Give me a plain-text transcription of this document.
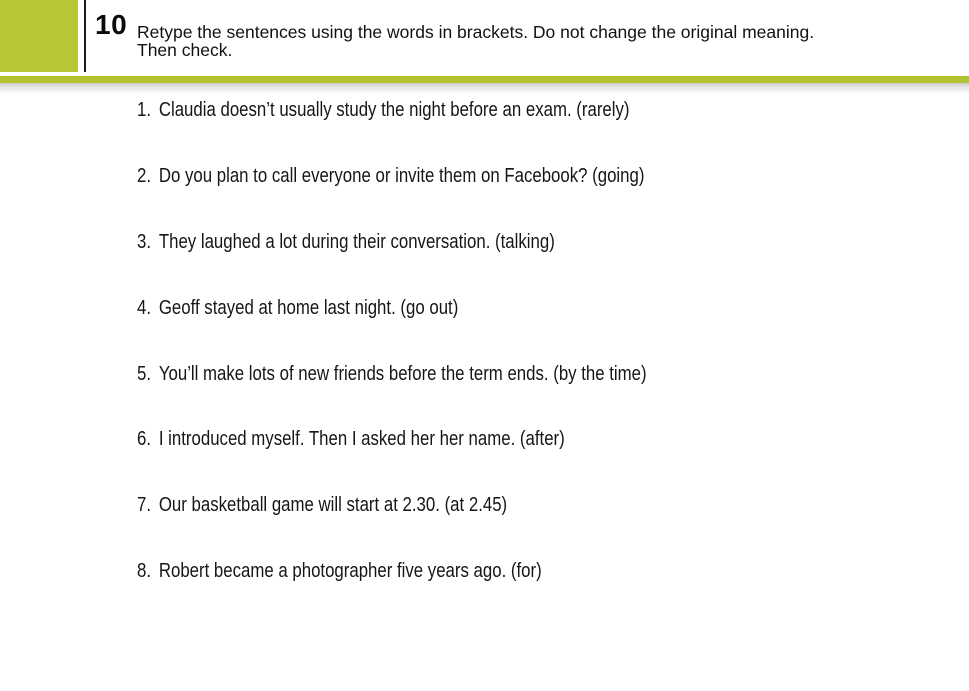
10 Retype the sentences using the words in brackets. Do not change the original meaning. Then check.
1. Claudia doesn’t usually study the night before an exam. (rarely)
2. Do you plan to call everyone or invite them on Facebook? (going)
3. They laughed a lot during their conversation. (talking)
4. Geoff stayed at home last night. (go out)
5. You’ll make lots of new friends before the term ends. (by the time)
6. I introduced myself. Then I asked her her name. (after)
7. Our basketball game will start at 2.30. (at 2.45)
8. Robert became a photographer five years ago. (for)
